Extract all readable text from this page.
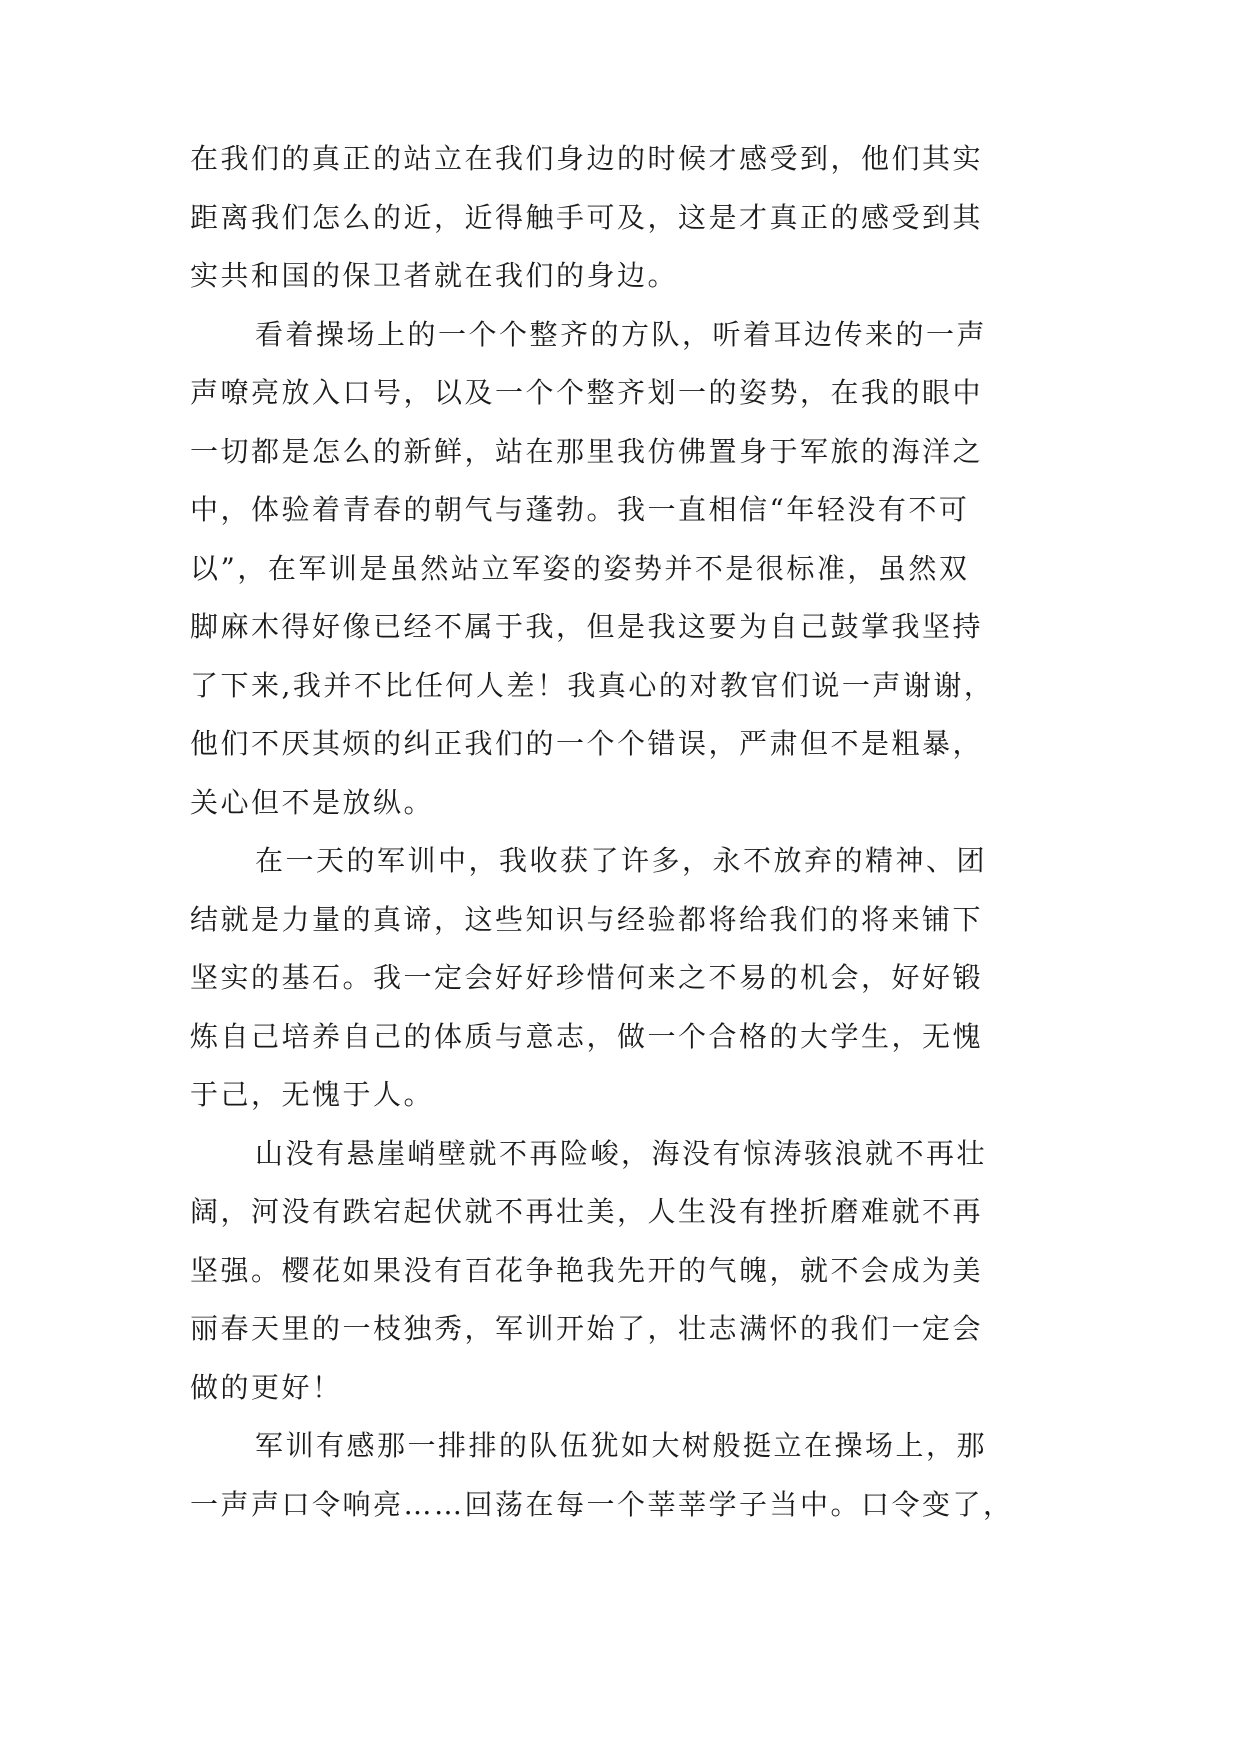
在我们的真正的站立在我们身边的时候才感受到，他们其实
距离我们怎么的近，近得触手可及，这是才真正的感受到其
实共和国的保卫者就在我们的身边。
看着操场上的一个个整齐的方队，听着耳边传来的一声
声嘹亮放入口号，以及一个个整齐划一的姿势，在我的眼中
一切都是怎么的新鲜，站在那里我仿佛置身于军旅的海洋之
中，体验着青春的朝气与蓬勃。我一直相信“年轻没有不可
以”，在军训是虽然站立军姿的姿势并不是很标准，虽然双
脚麻木得好像已经不属于我，但是我这要为自己鼓掌我坚持
了下来,我并不比任何人差！我真心的对教官们说一声谢谢，
他们不厌其烦的纠正我们的一个个错误，严肃但不是粗暴，
关心但不是放纵。
在一天的军训中，我收获了许多，永不放弃的精神、团
结就是力量的真谛，这些知识与经验都将给我们的将来铺下
坚实的基石。我一定会好好珍惜何来之不易的机会，好好锻
炼自己培养自己的体质与意志，做一个合格的大学生，无愧
于己，无愧于人。
山没有悬崖峭壁就不再险峻，海没有惊涛骇浪就不再壮
阔，河没有跌宕起伏就不再壮美，人生没有挫折磨难就不再
坚强。樱花如果没有百花争艳我先开的气魄，就不会成为美
丽春天里的一枝独秀，军训开始了，壮志满怀的我们一定会
做的更好！
军训有感那一排排的队伍犹如大树般挺立在操场上，那
一声声口令响亮……回荡在每一个莘莘学子当中。口令变了，
